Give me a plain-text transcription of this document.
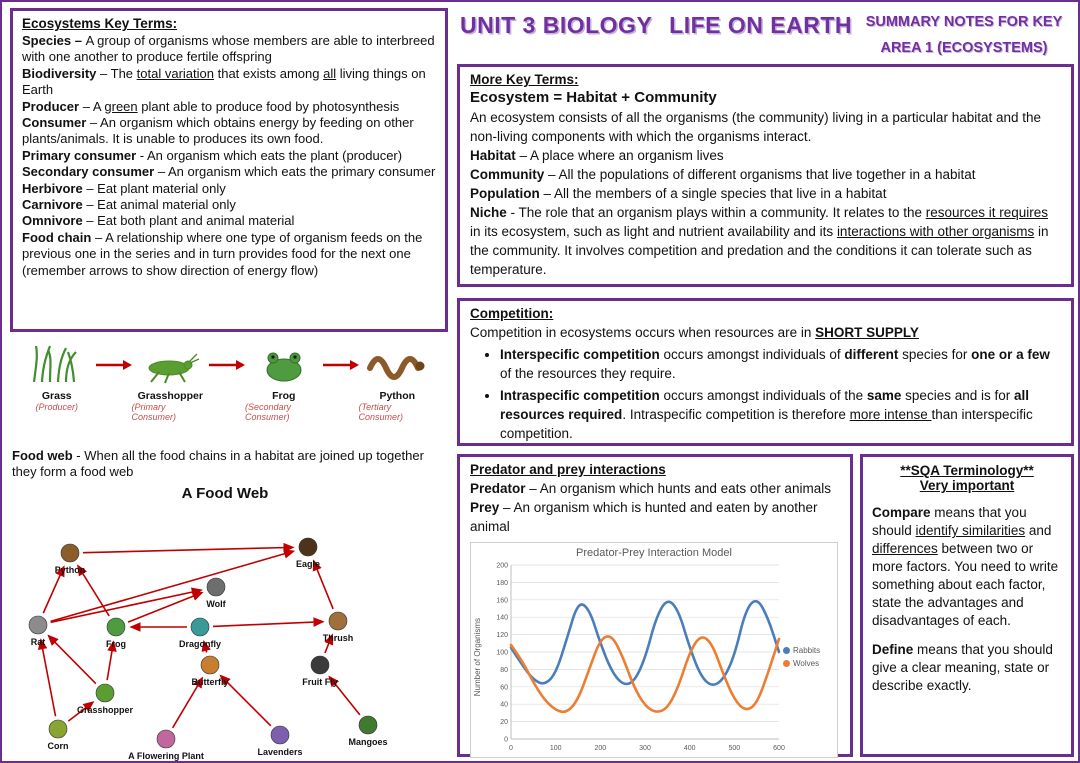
UNIT 3 BIOLOGY LIFE ON EARTH SUMMARY NOTES FOR KEY
AREA 1 (ECOSYSTEMS)

Ecosystems Key Terms:

Species – A group of organisms whose members are able to interbreed with one another to produce fertile offspring

Biodiversity – The total variation that exists among all living things on Earth

Producer – A green plant able to produce food by photosynthesis

Consumer – An organism which obtains energy by feeding on other plants/animals. It is unable to produces its own food.

Primary consumer - An organism which eats the plant (producer)

Secondary consumer – An organism which eats the primary consumer

Herbivore – Eat plant material only

Carnivore – Eat animal material only

Omnivore – Eat both plant and animal material

Food chain – A relationship where one type of organism feeds on the previous one in the series and in turn provides food for the next one (remember arrows to show direction of energy flow)

Grass
(Producer)
Grasshopper
(Primary Consumer)
Frog
(Secondary Consumer)
Python
(Tertiary Consumer)

Food web - When all the food chains in a habitat are joined up together they form a food web

A Food Web
Python
Eagle
Wolf
Rat	Frog	Dragonfly
Thrush
Butterfly	Fruit Fly
Grasshopper
Corn
A Flowering Plant	Lavenders
Mangoes

More Key Terms:

Ecosystem = Habitat + Community

An ecosystem consists of all the organisms (the community) living in a particular habitat and the non-living components with which the organisms interact.

Habitat – A place where an organism lives

Community – All the populations of different organisms that live together in a habitat

Population – All the members of a single species that live in a habitat

Niche - The role that an organism plays within a community. It relates to the resources it requires in its ecosystem, such as light and nutrient availability and its interactions with other organisms in the community. It involves competition and predation and the conditions it can tolerate such as temperature.

Competition:

Competition in ecosystems occurs when resources are in SHORT SUPPLY

• Interspecific competition occurs amongst individuals of different species for one or a few of the resources they require.
• Intraspecific competition occurs amongst individuals of the same species and is for all resources required. Intraspecific competition is therefore more intense than interspecific competition.

Predator and prey interactions

Predator – An organism which hunts and eats other animals

Prey – An organism which is hunted and eaten by another animal

Predator-Prey Interaction Model
Number of Organisms
0
20
40
60
80
100
120
140
160
180
200
0	100	200	300	400	500	600
Rabbits
Wolves

**SQA Terminology**

Very important

Compare means that you should identify similarities and differences between two or more factors. You need to write something about each factor, state the advantages and disadvantages of each.
Define means that you should give a clear meaning, state or describe exactly.
